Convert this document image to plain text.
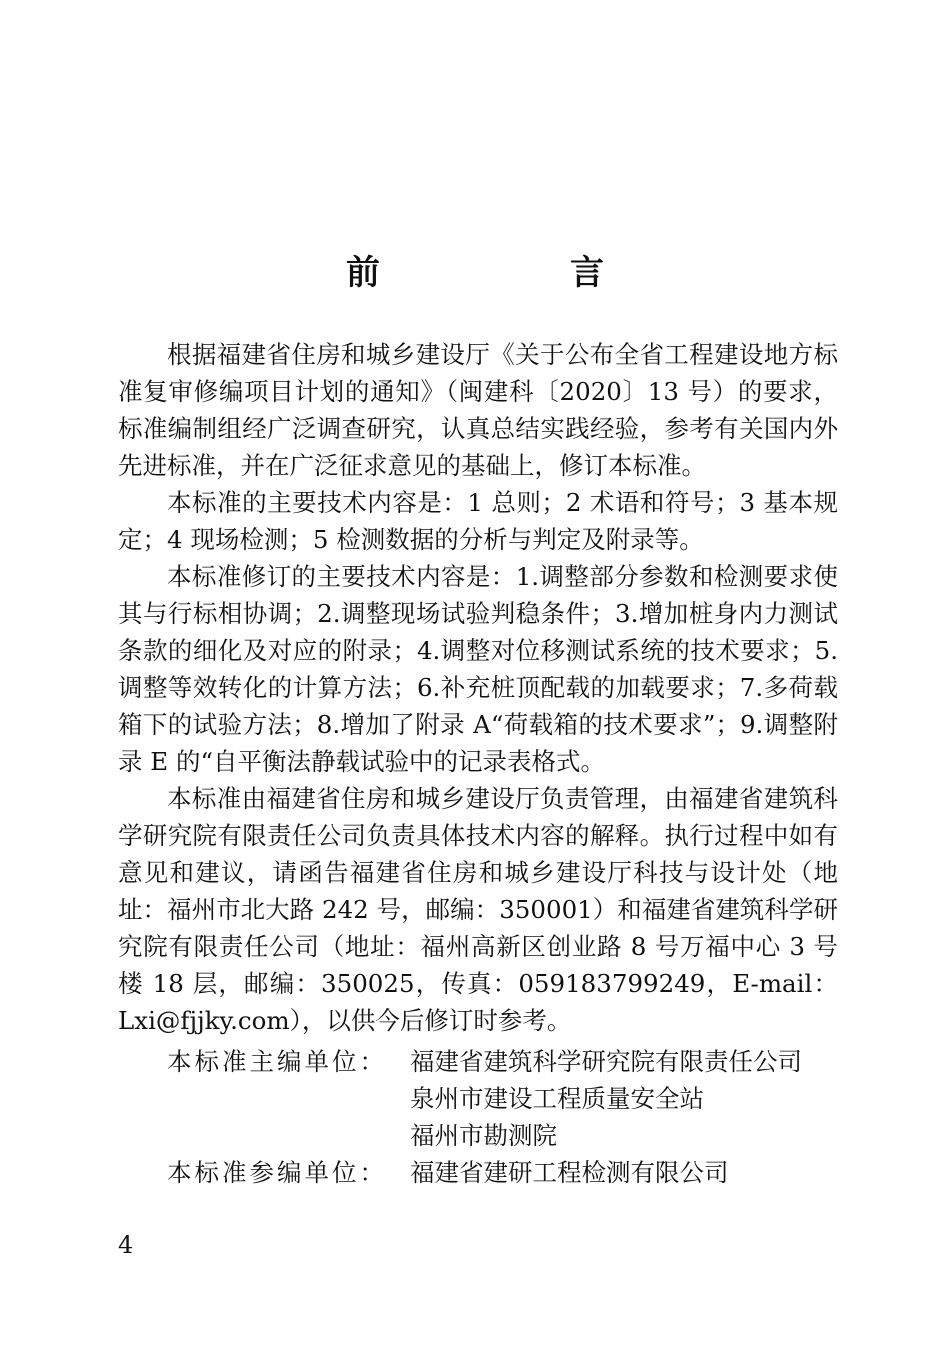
前　言

根据福建省住房和城乡建设厅《关于公布全省工程建设地方标准复审修编项目计划的通知》（闽建科〔2020〕13 号）的要求，标准编制组经广泛调查研究，认真总结实践经验，参考有关国内外先进标准，并在广泛征求意见的基础上，修订本标准。

本标准的主要技术内容是：1 总则；2 术语和符号；3 基本规定；4 现场检测；5 检测数据的分析与判定及附录等。

本标准修订的主要技术内容是：1.调整部分参数和检测要求使其与行标相协调；2.调整现场试验判稳条件；3.增加桩身内力测试条款的细化及对应的附录；4.调整对位移测试系统的技术要求；5.调整等效转化的计算方法；6.补充桩顶配载的加载要求；7.多荷载箱下的试验方法；8.增加了附录 A“荷载箱的技术要求”；9.调整附录 E 的“自平衡法静载试验中的记录表格式。

本标准由福建省住房和城乡建设厅负责管理，由福建省建筑科学研究院有限责任公司负责具体技术内容的解释。执行过程中如有意见和建议，请函告福建省住房和城乡建设厅科技与设计处（地址：福州市北大路 242 号，邮编：350001）和福建省建筑科学研究院有限责任公司（地址：福州高新区创业路 8 号万福中心 3 号楼 18 层，邮编：350025，传真：059183799249，E-mail：Lxi@fjjky.com），以供今后修订时参考。

本标准主编单位： 福建省建筑科学研究院有限责任公司
泉州市建设工程质量安全站
福州市勘测院
本标准参编单位： 福建省建研工程检测有限公司
4
